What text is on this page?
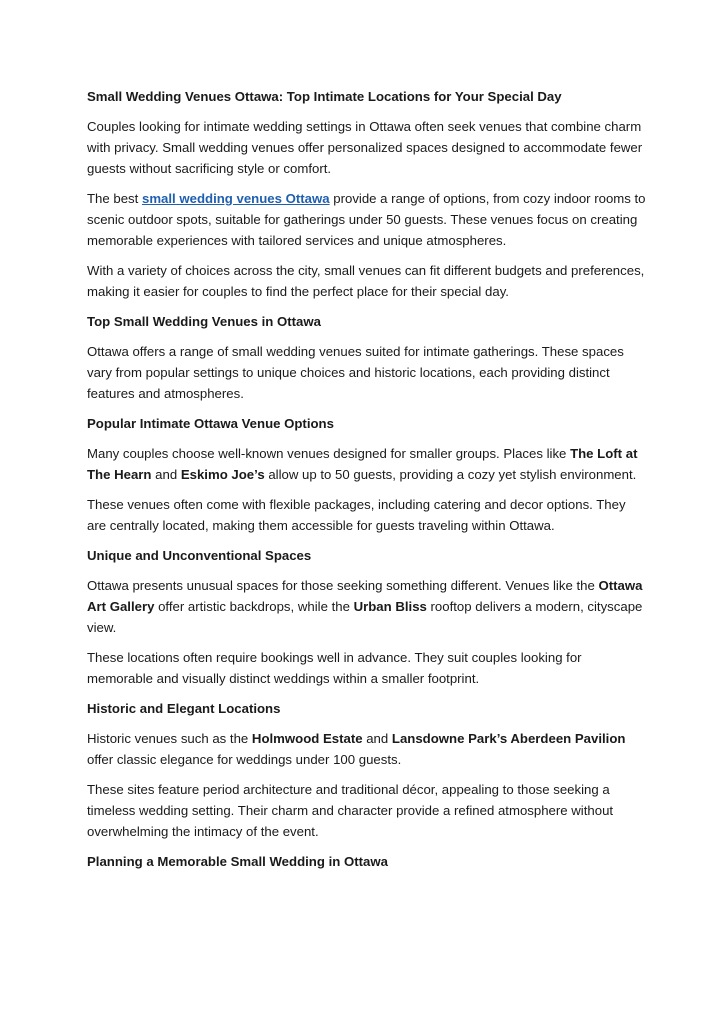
Small Wedding Venues Ottawa: Top Intimate Locations for Your Special Day

Couples looking for intimate wedding settings in Ottawa often seek venues that combine charm with privacy. Small wedding venues offer personalized spaces designed to accommodate fewer guests without sacrificing style or comfort.

The best small wedding venues Ottawa provide a range of options, from cozy indoor rooms to scenic outdoor spots, suitable for gatherings under 50 guests. These venues focus on creating memorable experiences with tailored services and unique atmospheres.

With a variety of choices across the city, small venues can fit different budgets and preferences, making it easier for couples to find the perfect place for their special day.

Top Small Wedding Venues in Ottawa

Ottawa offers a range of small wedding venues suited for intimate gatherings. These spaces vary from popular settings to unique choices and historic locations, each providing distinct features and atmospheres.

Popular Intimate Ottawa Venue Options

Many couples choose well-known venues designed for smaller groups. Places like The Loft at The Hearn and Eskimo Joe’s allow up to 50 guests, providing a cozy yet stylish environment.

These venues often come with flexible packages, including catering and decor options. They are centrally located, making them accessible for guests traveling within Ottawa.

Unique and Unconventional Spaces

Ottawa presents unusual spaces for those seeking something different. Venues like the Ottawa Art Gallery offer artistic backdrops, while the Urban Bliss rooftop delivers a modern, cityscape view.

These locations often require bookings well in advance. They suit couples looking for memorable and visually distinct weddings within a smaller footprint.

Historic and Elegant Locations

Historic venues such as the Holmwood Estate and Lansdowne Park’s Aberdeen Pavilion offer classic elegance for weddings under 100 guests.

These sites feature period architecture and traditional décor, appealing to those seeking a timeless wedding setting. Their charm and character provide a refined atmosphere without overwhelming the intimacy of the event.

Planning a Memorable Small Wedding in Ottawa
